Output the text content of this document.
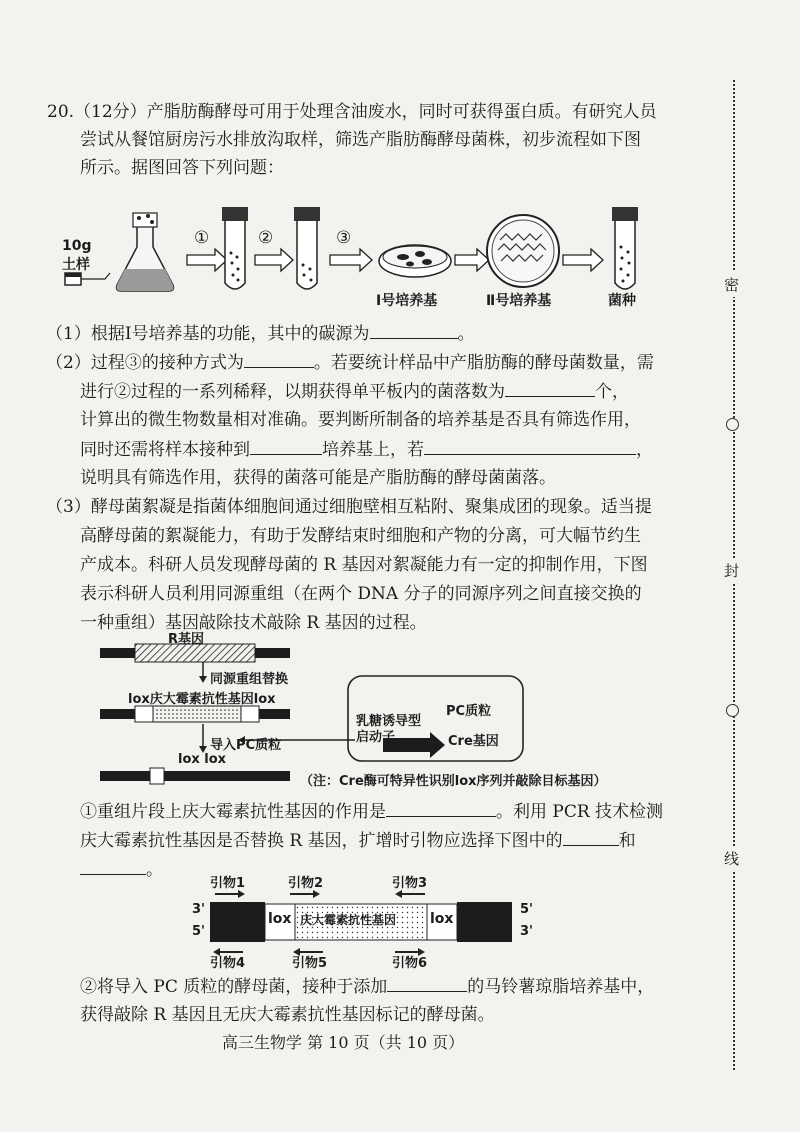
20.（12分）产脂肪酶酵母可用于处理含油废水，同时可获得蛋白质。有研究人员
尝试从餐馆厨房污水排放沟取样，筛选产脂肪酶酵母菌株，初步流程如下图
所示。据图回答下列问题：
10g
土样
①	②	③
Ⅰ号培养基	Ⅱ号培养基	菌种
（1）根据Ⅰ号培养基的功能，其中的碳源为	。
（2）过程③的接种方式为	。若要统计样品中产脂肪酶的酵母菌数量，需
进行②过程的一系列稀释，以期获得单平板内的菌落数为	个，
计算出的微生物数量相对准确。要判断所制备的培养基是否具有筛选作用，
同时还需将样本接种到	培养基上，若	，
说明具有筛选作用，获得的菌落可能是产脂肪酶的酵母菌菌落。
（3）酵母菌絮凝是指菌体细胞间通过细胞壁相互粘附、聚集成团的现象。适当提
高酵母菌的絮凝能力，有助于发酵结束时细胞和产物的分离，可大幅节约生
产成本。科研人员发现酵母菌的 R 基因对絮凝能力有一定的抑制作用，下图
表示科研人员利用同源重组（在两个 DNA 分子的同源序列之间直接交换的
一种重组）基因敲除技术敲除 R 基因的过程。
R基因
同源重组替换
lox庆大霉素抗性基因lox
导入PC质粒
lox lox
PC质粒
乳糖诱导型
启动子	Cre基因
（注：Cre酶可特异性识别lox序列并敲除目标基因）
①重组片段上庆大霉素抗性基因的作用是	。利用 PCR 技术检测
庆大霉素抗性基因是否替换 R 基因，扩增时引物应选择下图中的	和
。
引物1	引物2	引物3
3'
5'
5'
3'
lox 庆大霉素抗性基因 lox
引物4	引物5	引物6
②将导入 PC 质粒的酵母菌，接种于添加	的马铃薯琼脂培养基中，
获得敲除 R 基因且无庆大霉素抗性基因标记的酵母菌。
高三生物学 第 10 页（共 10 页）
密
封
线
